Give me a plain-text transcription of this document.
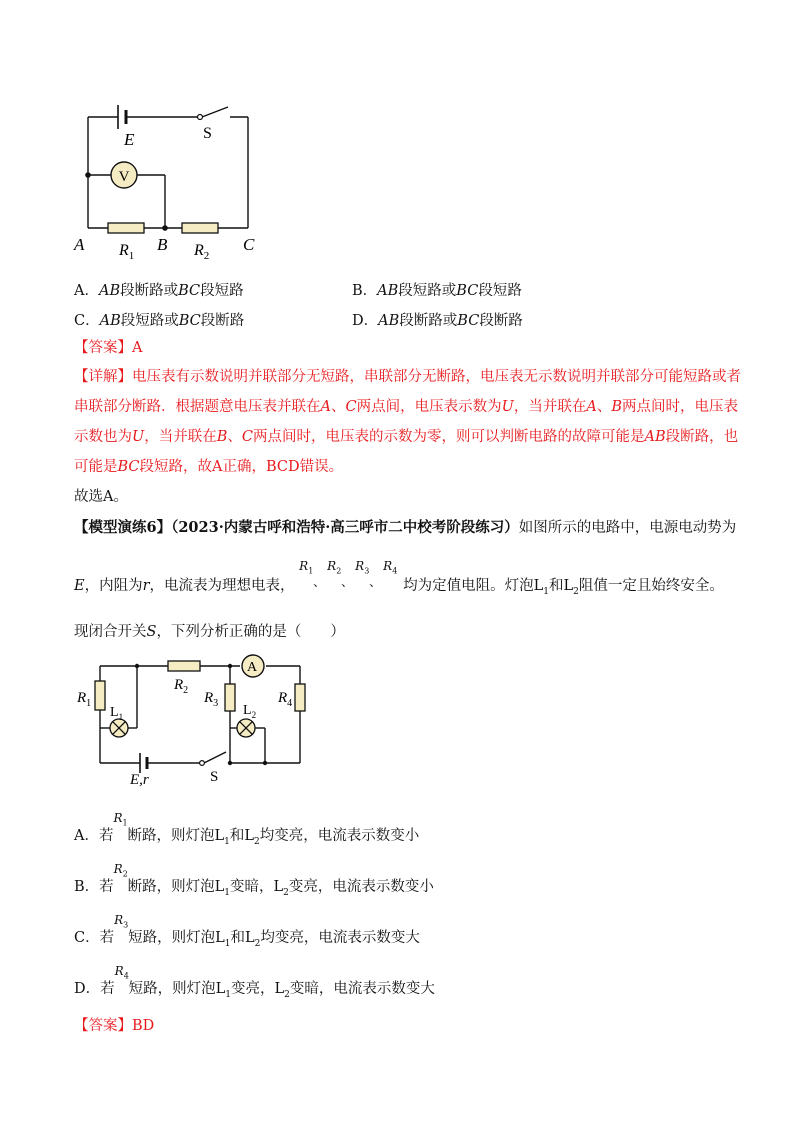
V
E	S
A	B	C
$R_1$	$R_2$
A．AB段断路或BC段短路	B．AB段短路或BC段短路
C．AB段短路或BC段断路	D．AB段断路或BC段断路
【答案】A
【详解】电压表有示数说明并联部分无短路，串联部分无断路，电压表无示数说明并联部分可能短路或者
串联部分断路．根据题意电压表并联在A、C两点间，电压表示数为U，当并联在A、B两点间时，电压表
示数也为U，当并联在B、C两点间时，电压表的示数为零，则可以判断电路的故障可能是AB段断路，也
可能是BC段短路，故A正确，BCD错误。
故选A。
【模型演练6】（2023·内蒙古呼和浩特·高三呼市二中校考阶段练习）如图所示的电路中，电源电动势为
E，内阻为r，电流表为理想电表，
$R_1$
、
$R_2$
、
$R_3$
、
$R_4$
均为定值电阻。灯泡$L_1$和$L_2$阻值一定且始终安全。
现闭合开关S，下列分析正确的是（　　）
A
$R_1$
$R_2$ $R_3$	$R_4$
$L_1$	$L_2$
E,r	S
A．若
$R_1$
断路，则灯泡$L_1$和$L_2$均变亮，电流表示数变小
B．若
$R_2$
断路，则灯泡$L_1$变暗，$L_2$变亮，电流表示数变小
C．若
$R_3$
短路，则灯泡$L_1$和$L_2$均变亮，电流表示数变大
D．若
$R_4$
短路，则灯泡$L_1$变亮，$L_2$变暗，电流表示数变大
【答案】BD
